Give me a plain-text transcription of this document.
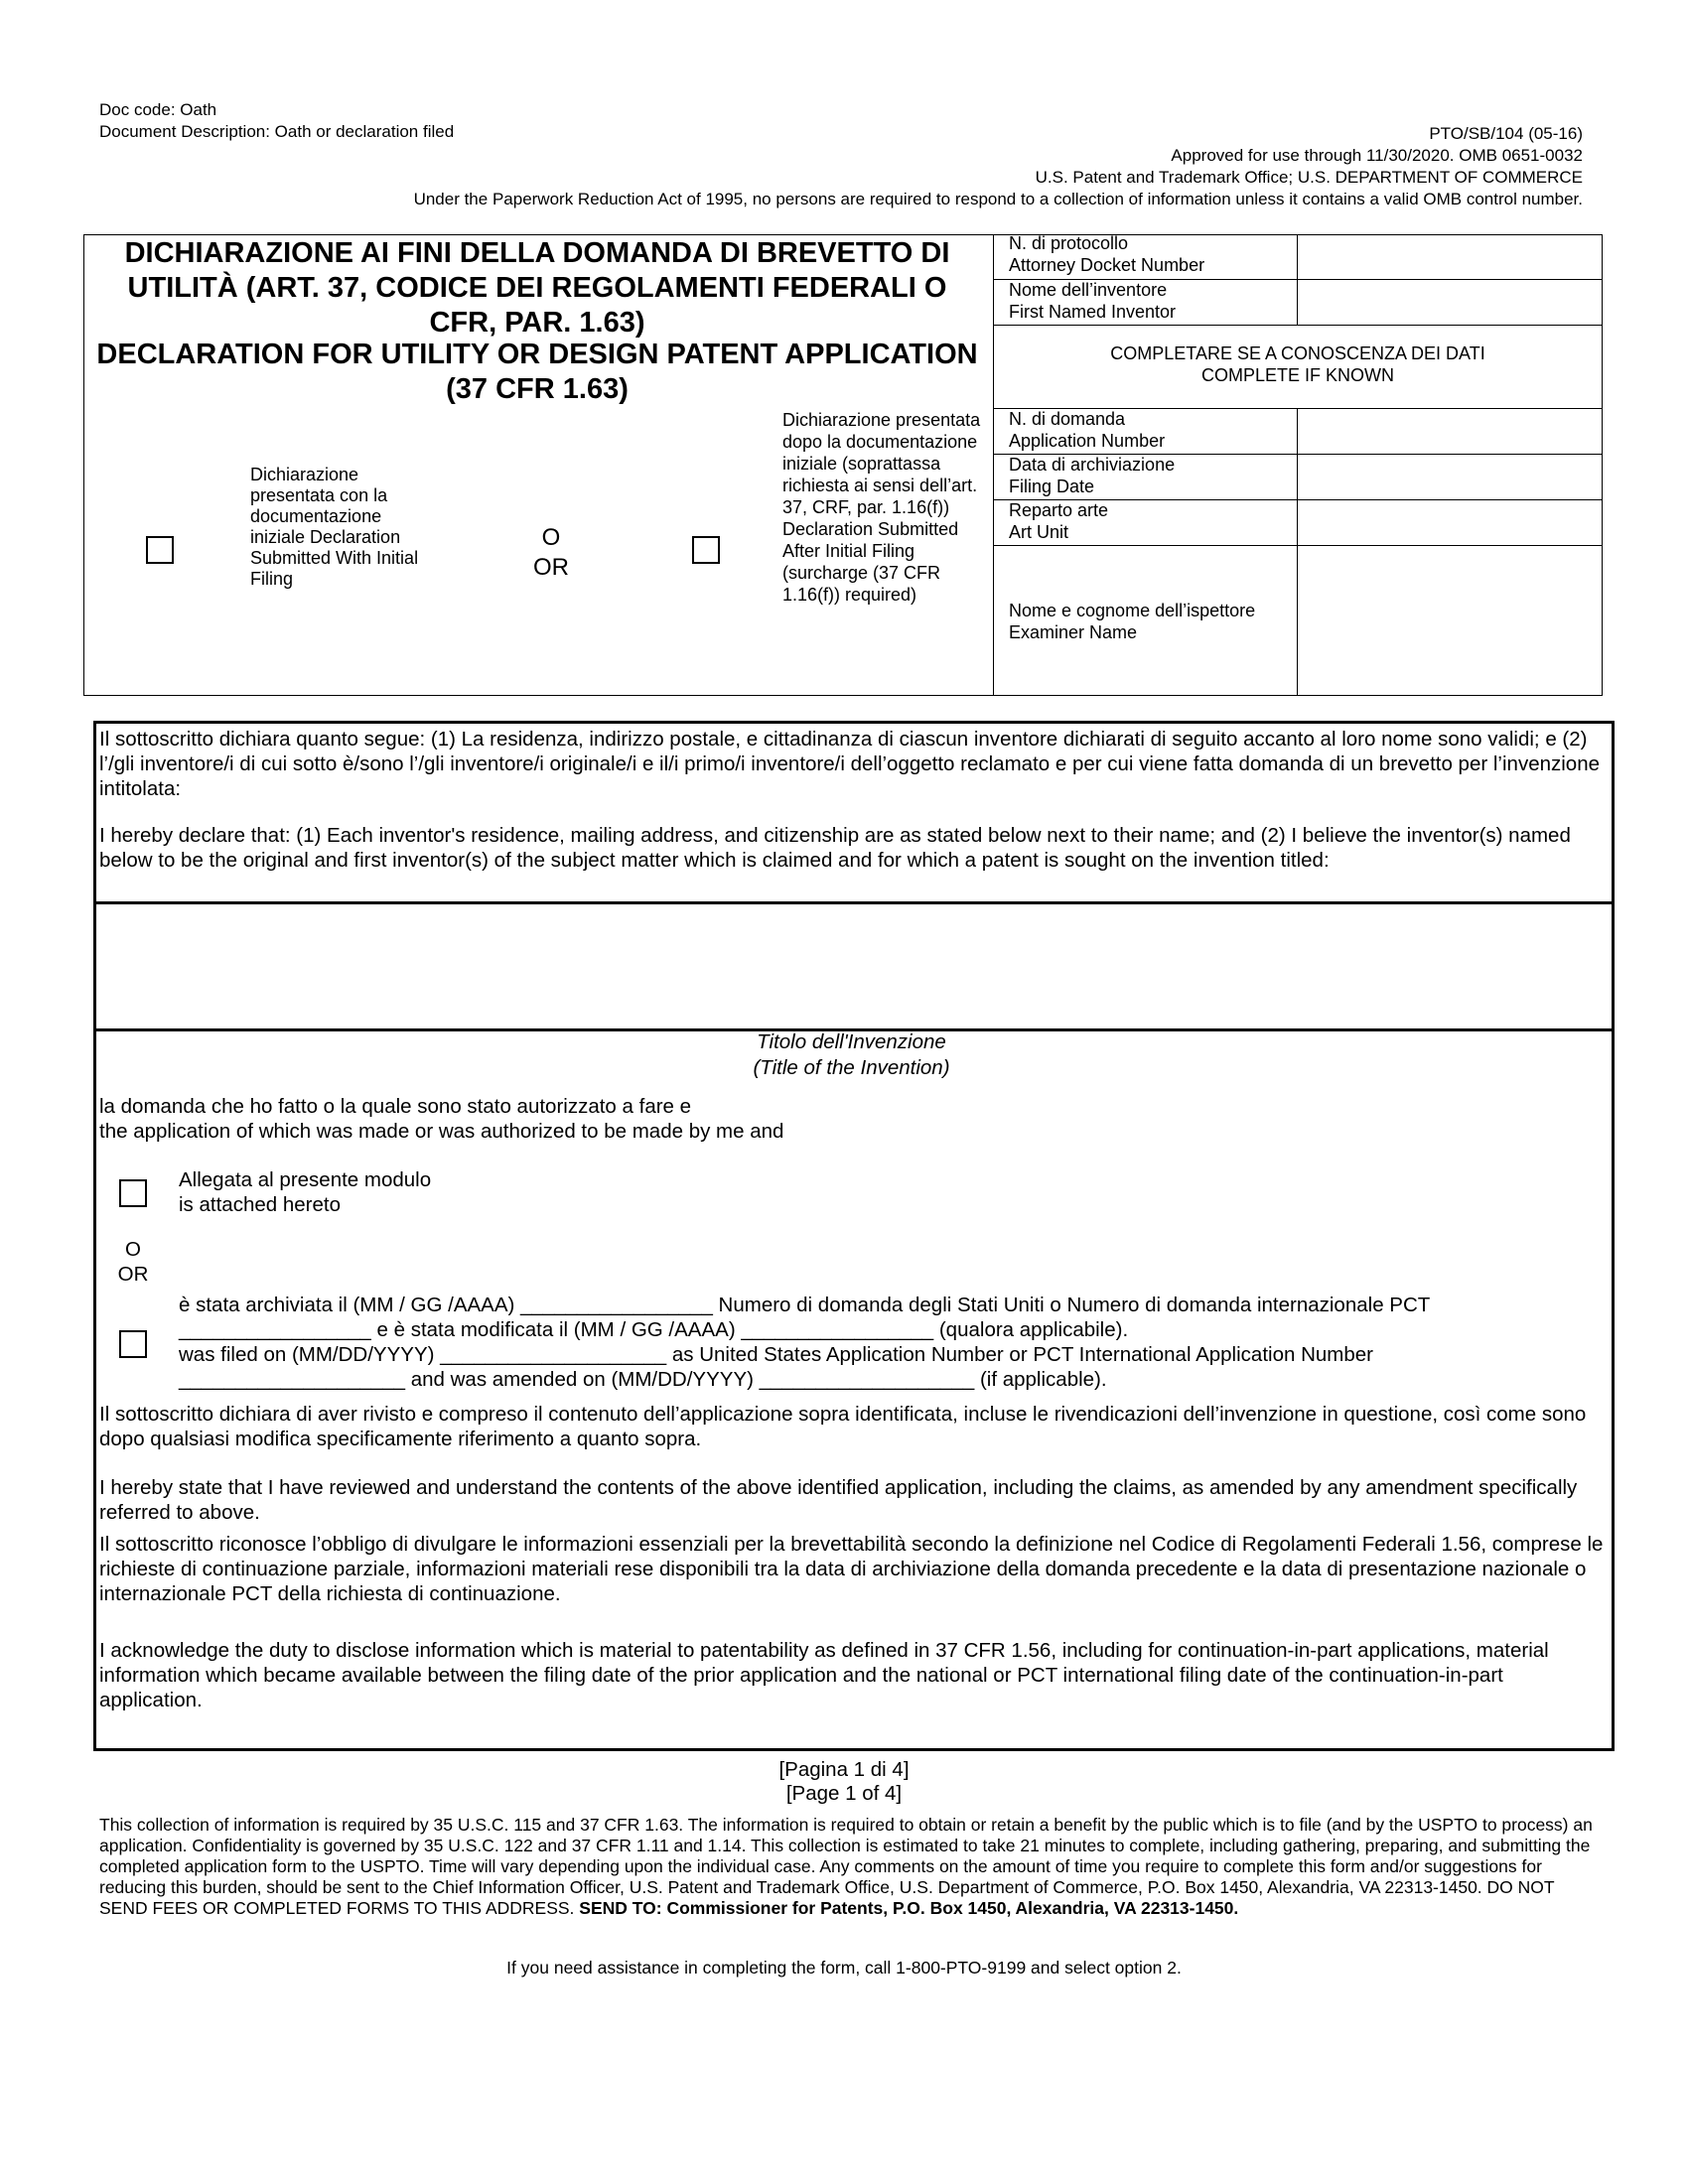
Doc code: Oath
Document Description: Oath or declaration filed	PTO/SB/104 (05-16)
Approved for use through 11/30/2020. OMB 0651-0032
U.S. Patent and Trademark Office; U.S. DEPARTMENT OF COMMERCE
Under the Paperwork Reduction Act of 1995, no persons are required to respond to a collection of information unless it contains a valid OMB control number.
DICHIARAZIONE AI FINI DELLA DOMANDA DI BREVETTO DI UTILITÀ (ART. 37, CODICE DEI REGOLAMENTI FEDERALI O CFR, PAR. 1.63)
DECLARATION FOR UTILITY OR DESIGN PATENT APPLICATION (37 CFR 1.63)
Dichiarazione presentata con la documentazione iniziale Declaration Submitted With Initial Filing
O
OR
Dichiarazione presentata dopo la documentazione iniziale (soprattassa richiesta ai sensi dell’art. 37, CRF, par. 1.16(f)) Declaration Submitted After Initial Filing (surcharge (37 CFR 1.16(f)) required)
N. di protocollo
Attorney Docket Number
Nome dell’inventore
First Named Inventor
COMPLETARE SE A CONOSCENZA DEI DATI
COMPLETE IF KNOWN
N. di domanda
Application Number
Data di archiviazione
Filing Date
Reparto arte
Art Unit
Nome e cognome dell’ispettore
Examiner Name
Il sottoscritto dichiara quanto segue: (1) La residenza, indirizzo postale, e cittadinanza di ciascun inventore dichiarati di seguito accanto al loro nome sono validi; e (2) l’/gli inventore/i di cui sotto è/sono l’/gli inventore/i originale/i e il/i primo/i inventore/i dell’oggetto reclamato e per cui viene fatta domanda di un brevetto per l’invenzione intitolata:
I hereby declare that: (1) Each inventor's residence, mailing address, and citizenship are as stated below next to their name; and (2) I believe the inventor(s) named below to be the original and first inventor(s) of the subject matter which is claimed and for which a patent is sought on the invention titled:
Titolo dell'Invenzione
(Title of the Invention)
la domanda che ho fatto o la quale sono stato autorizzato a fare e
the application of which was made or was authorized to be made by me and
Allegata al presente modulo
is attached hereto
O
OR
è stata archiviata il (MM / GG /AAAA) _________________ Numero di domanda degli Stati Uniti o Numero di domanda internazionale PCT
_________________ e è stata modificata il (MM / GG /AAAA) _________________ (qualora applicabile).
was filed on (MM/DD/YYYY) ____________________ as United States Application Number or PCT International Application Number
____________________ and was amended on (MM/DD/YYYY) ___________________ (if applicable).
Il sottoscritto dichiara di aver rivisto e compreso il contenuto dell’applicazione sopra identificata, incluse le rivendicazioni dell’invenzione in questione, così come sono dopo qualsiasi modifica specificamente riferimento a quanto sopra.
I hereby state that I have reviewed and understand the contents of the above identified application, including the claims, as amended by any amendment specifically referred to above.
Il sottoscritto riconosce l’obbligo di divulgare le informazioni essenziali per la brevettabilità secondo la definizione nel Codice di Regolamenti Federali 1.56, comprese le richieste di continuazione parziale, informazioni materiali rese disponibili tra la data di archiviazione della domanda precedente e la data di presentazione nazionale o internazionale PCT della richiesta di continuazione.
I acknowledge the duty to disclose information which is material to patentability as defined in 37 CFR 1.56, including for continuation-in-part applications, material information which became available between the filing date of the prior application and the national or PCT international filing date of the continuation-in-part application.
[Pagina 1 di 4]
[Page 1 of 4]
This collection of information is required by 35 U.S.C. 115 and 37 CFR 1.63. The information is required to obtain or retain a benefit by the public which is to file (and by the USPTO to process) an application. Confidentiality is governed by 35 U.S.C. 122 and 37 CFR 1.11 and 1.14. This collection is estimated to take 21 minutes to complete, including gathering, preparing, and submitting the completed application form to the USPTO. Time will vary depending upon the individual case. Any comments on the amount of time you require to complete this form and/or suggestions for reducing this burden, should be sent to the Chief Information Officer, U.S. Patent and Trademark Office, U.S. Department of Commerce, P.O. Box 1450, Alexandria, VA 22313-1450. DO NOT SEND FEES OR COMPLETED FORMS TO THIS ADDRESS. SEND TO: Commissioner for Patents, P.O. Box 1450, Alexandria, VA 22313-1450.
If you need assistance in completing the form, call 1-800-PTO-9199 and select option 2.
